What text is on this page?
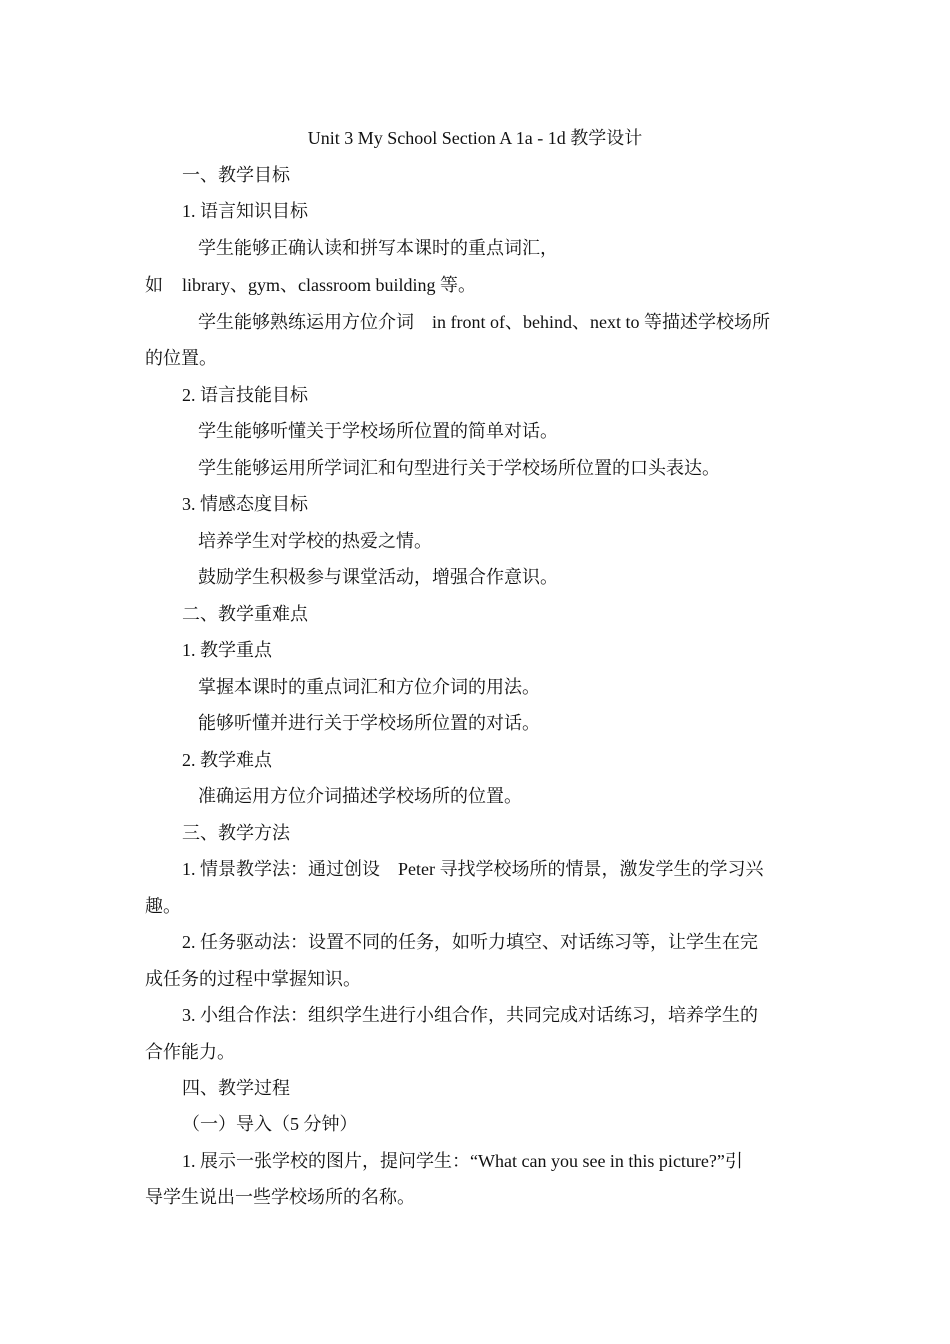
Unit 3 My School Section A 1a - 1d 教学设计
一、教学目标
1. 语言知识目标
学生能够正确认读和拼写本课时的重点词汇，
如 library、gym、classroom building 等。
学生能够熟练运用方位介词 in front of、behind、next to 等描述学校场所
的位置。
2. 语言技能目标
学生能够听懂关于学校场所位置的简单对话。
学生能够运用所学词汇和句型进行关于学校场所位置的口头表达。
3. 情感态度目标
培养学生对学校的热爱之情。
鼓励学生积极参与课堂活动，增强合作意识。
二、教学重难点
1. 教学重点
掌握本课时的重点词汇和方位介词的用法。
能够听懂并进行关于学校场所位置的对话。
2. 教学难点
准确运用方位介词描述学校场所的位置。
三、教学方法
1. 情景教学法：通过创设 Peter 寻找学校场所的情景，激发学生的学习兴
趣。
2. 任务驱动法：设置不同的任务，如听力填空、对话练习等，让学生在完
成任务的过程中掌握知识。
3. 小组合作法：组织学生进行小组合作，共同完成对话练习，培养学生的
合作能力。
四、教学过程
（一）导入（5 分钟）
1. 展示一张学校的图片，提问学生：“What can you see in this picture?”引
导学生说出一些学校场所的名称。
